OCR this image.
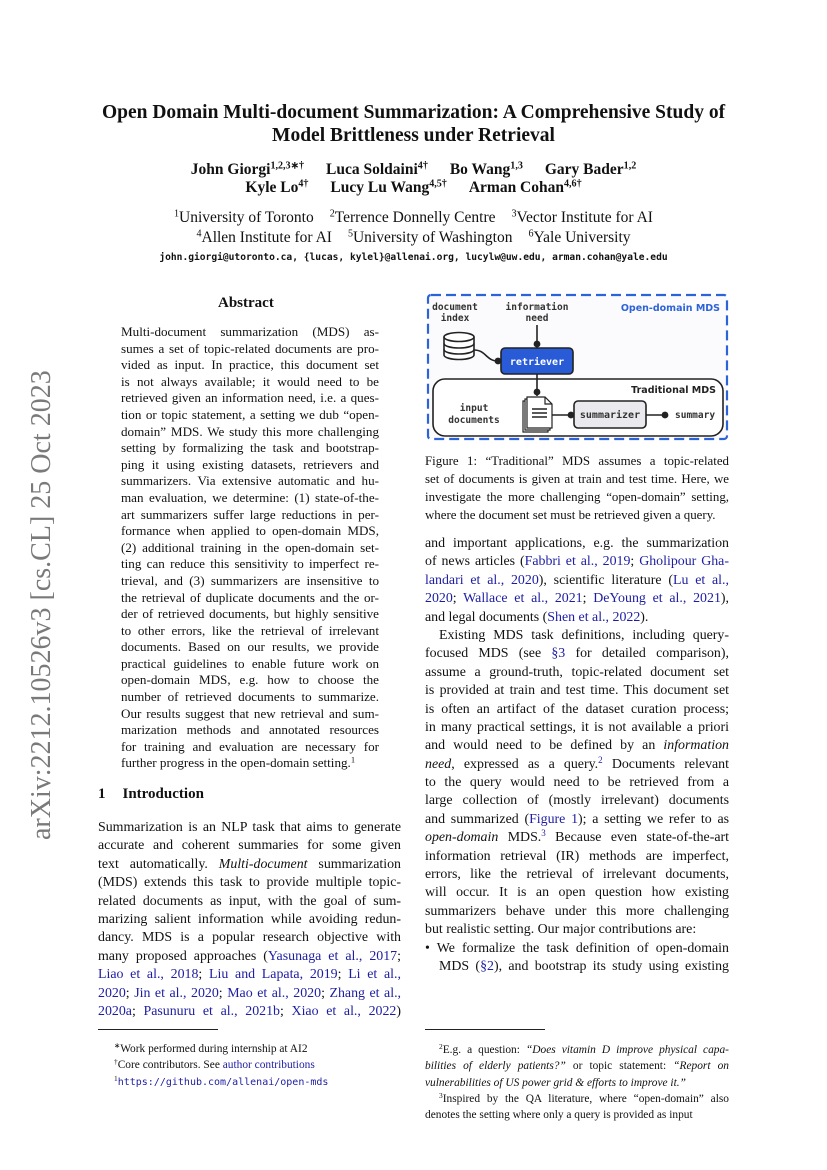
arXiv:2212.10526v3 [cs.CL] 25 Oct 2023
Open Domain Multi-document Summarization: A Comprehensive Study of
Model Brittleness under Retrieval
John Giorgi$^{1,2,3∗\dagger}$ Luca Soldaini$^{4\dagger}$ Bo Wang$^{1,3}$ Gary Bader$^{1,2}$
Kyle $Lo^{4\dagger}$ Lucy Lu Wang$^{4,5\dagger}$ Arman Cohan$^{4,6\dagger}$
$^1$University of Toronto $^2$Terrence Donnelly Centre $^3$Vector Institute for AI
$^4$Allen Institute for AI $^5$University of Washington $^6$Yale University
john.giorgi@utoronto.ca, {lucas, kylel}@allenai.org, lucylw@uw.edu, arman.cohan@yale.edu
Abstract
Multi-document summarization (MDS) as-
sumes a set of topic-related documents are pro-
vided as input. In practice, this document set
is not always available; it would need to be
retrieved given an information need, i.e. a ques-
tion or topic statement, a setting we dub “open-
domain” MDS. We study this more challenging
setting by formalizing the task and bootstrap-
ping it using existing datasets, retrievers and
summarizers. Via extensive automatic and hu-
man evaluation, we determine: (1) state-of-the-
art summarizers suffer large reductions in per-
formance when applied to open-domain MDS,
(2) additional training in the open-domain set-
ting can reduce this sensitivity to imperfect re-
trieval, and (3) summarizers are insensitive to
the retrieval of duplicate documents and the or-
der of retrieved documents, but highly sensitive
to other errors, like the retrieval of irrelevant
documents. Based on our results, we provide
practical guidelines to enable future work on
open-domain MDS, e.g. how to choose the
number of retrieved documents to summarize.
Our results suggest that new retrieval and sum-
marization methods and annotated resources
for training and evaluation are necessary for
further progress in the open-domain setting.$^1$
1 Introduction
Summarization is an NLP task that aims to generate
accurate and coherent summaries for some given
text automatically. Multi-document summarization
(MDS) extends this task to provide multiple topic-
related documents as input, with the goal of sum-
marizing salient information while avoiding redun-
dancy. MDS is a popular research objective with
many proposed approaches (Yasunaga et al., 2017;
Liao et al., 2018; Liu and Lapata, 2019; Li et al.,
2020; Jin et al., 2020; Mao et al., 2020; Zhang et al.,
2020a; Pasunuru et al., 2021b; Xiao et al., 2022)
document
index
information
need
Open-domain MDS
retriever
Traditional MDS
input
documents	summarizer	summary
Figure 1: “Traditional” MDS assumes a topic-related
set of documents is given at train and test time. Here, we
investigate the more challenging “open-domain” setting,
where the document set must be retrieved given a query.
and important applications, e.g. the summarization
of news articles (Fabbri et al., 2019; Gholipour Gha-
landari et al., 2020), scientific literature (Lu et al.,
2020; Wallace et al., 2021; DeYoung et al., 2021),
and legal documents (Shen et al., 2022).
Existing MDS task definitions, including query-
focused MDS (see §3 for detailed comparison),
assume a ground-truth, topic-related document set
is provided at train and test time. This document set
is often an artifact of the dataset curation process;
in many practical settings, it is not available a priori
and would need to be defined by an information
need, expressed as a query.$^2$ Documents relevant
to the query would need to be retrieved from a
large collection of (mostly irrelevant) documents
and summarized (Figure 1); a setting we refer to as
open-domain MDS.$^3$ Because even state-of-the-art
information retrieval (IR) methods are imperfect,
errors, like the retrieval of irrelevant documents,
will occur. It is an open question how existing
summarizers behave under this more challenging
but realistic setting. Our major contributions are:
• We formalize the task definition of open-domain
MDS (§2), and bootstrap its study using existing
∗Work performed during internship at AI2
†Core contributors. See author contributions
$^1$https://github.com/allenai/open-mds
$^2$E.g. a question: “Does vitamin D improve physical capa-
bilities of elderly patients?” or topic statement: “Report on
vulnerabilities of US power grid & efforts to improve it.”
$^3$Inspired by the QA literature, where “open-domain” also
denotes the setting where only a query is provided as input
